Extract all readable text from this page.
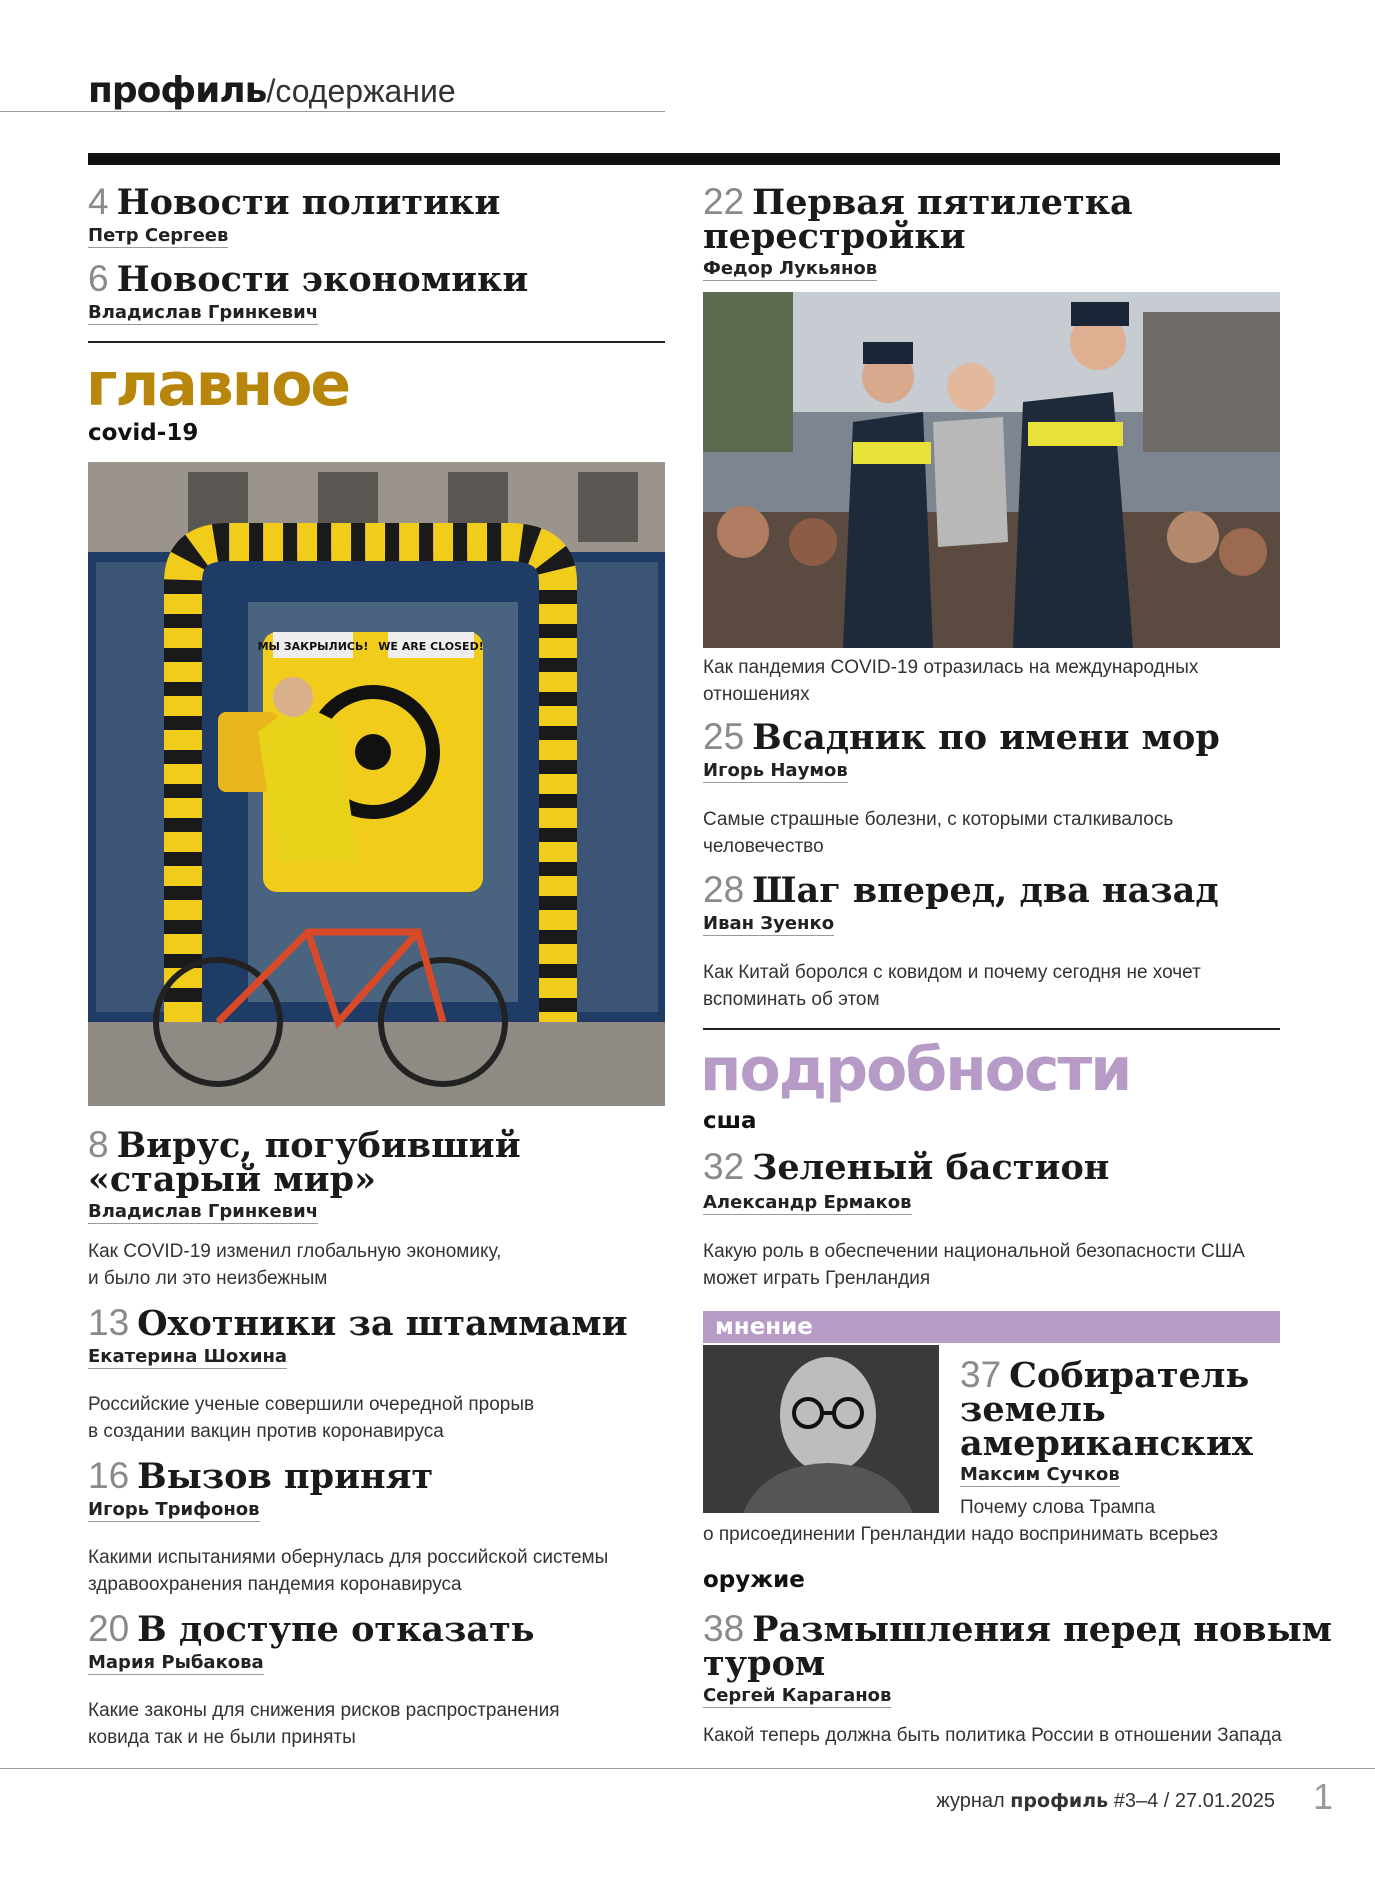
профиль/содержание
4 Новости политики
Петр Сергеев
6 Новости экономики
Владислав Гринкевич
главное
covid-19
МЫ ЗАКРЫЛИСЬ! WE ARE CLOSED!
8 Вирус, погубивший
«старый мир»
Владислав Гринкевич
Как COVID-19 изменил глобальную экономику,
и было ли это неизбежным
13 Охотники за штаммами
Екатерина Шохина
Российские ученые совершили очередной прорыв
в создании вакцин против коронавируса
16 Вызов принят
Игорь Трифонов
Какими испытаниями обернулась для российской системы
здравоохранения пандемия коронавируса
20 В доступе отказать
Мария Рыбакова
Какие законы для снижения рисков распространения
ковида так и не были приняты
22 Первая пятилетка
перестройки
Федор Лукьянов
Как пандемия COVID-19 отразилась на международных
отношениях
25 Всадник по имени мор
Игорь Наумов
Самые страшные болезни, с которыми сталкивалось
человечество
28 Шаг вперед, два назад
Иван Зуенко
Как Китай боролся с ковидом и почему сегодня не хочет
вспоминать об этом
подробности
сша
32 Зеленый бастион
Александр Ермаков
Какую роль в обеспечении национальной безопасности США
может играть Гренландия
мнение
37 Собиратель
земель
американских
Максим Сучков
Почему слова Трампа
о присоединении Гренландии надо воспринимать всерьез
оружие
38 Размышления перед новым
туром
Сергей Караганов
Какой теперь должна быть политика России в отношении Запада
журнал профиль #3–4 / 27.01.2025 1
